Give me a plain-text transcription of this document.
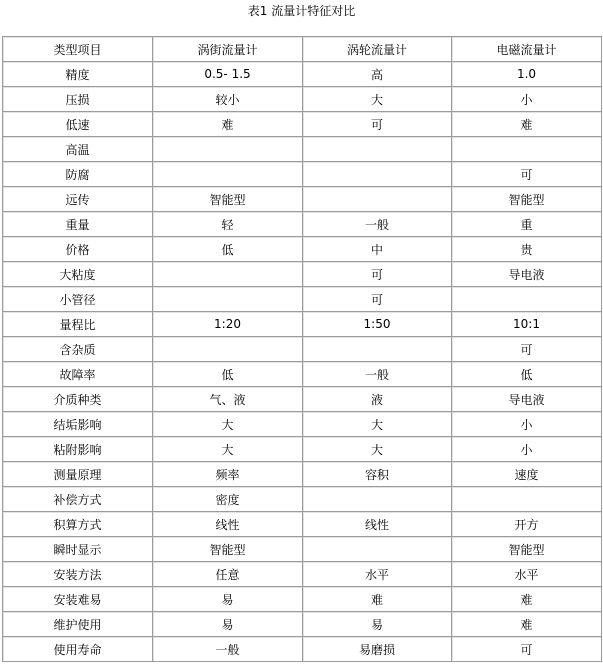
表1 流量计特征对比
类型项目	涡街流量计	涡轮流量计	电磁流量计
精度	0.5- 1.5	高	1.0
压损	较小	大	小
低速	难	可	难
高温			
防腐			可
远传	智能型		智能型
重量	轻	一般	重
价格	低	中	贵
大粘度		可	导电液
小管径		可	
量程比	1:20	1:50	10:1
含杂质			可
故障率	低	一般	低
介质种类	气、液	液	导电液
结垢影响	大	大	小
粘附影响	大	大	小
测量原理	频率	容积	速度
补偿方式	密度		
积算方式	线性	线性	开方
瞬时显示	智能型		智能型
安装方法	任意	水平	水平
安装难易	易	难	难
维护使用	易	易	难
使用寿命	一般	易磨损	可
